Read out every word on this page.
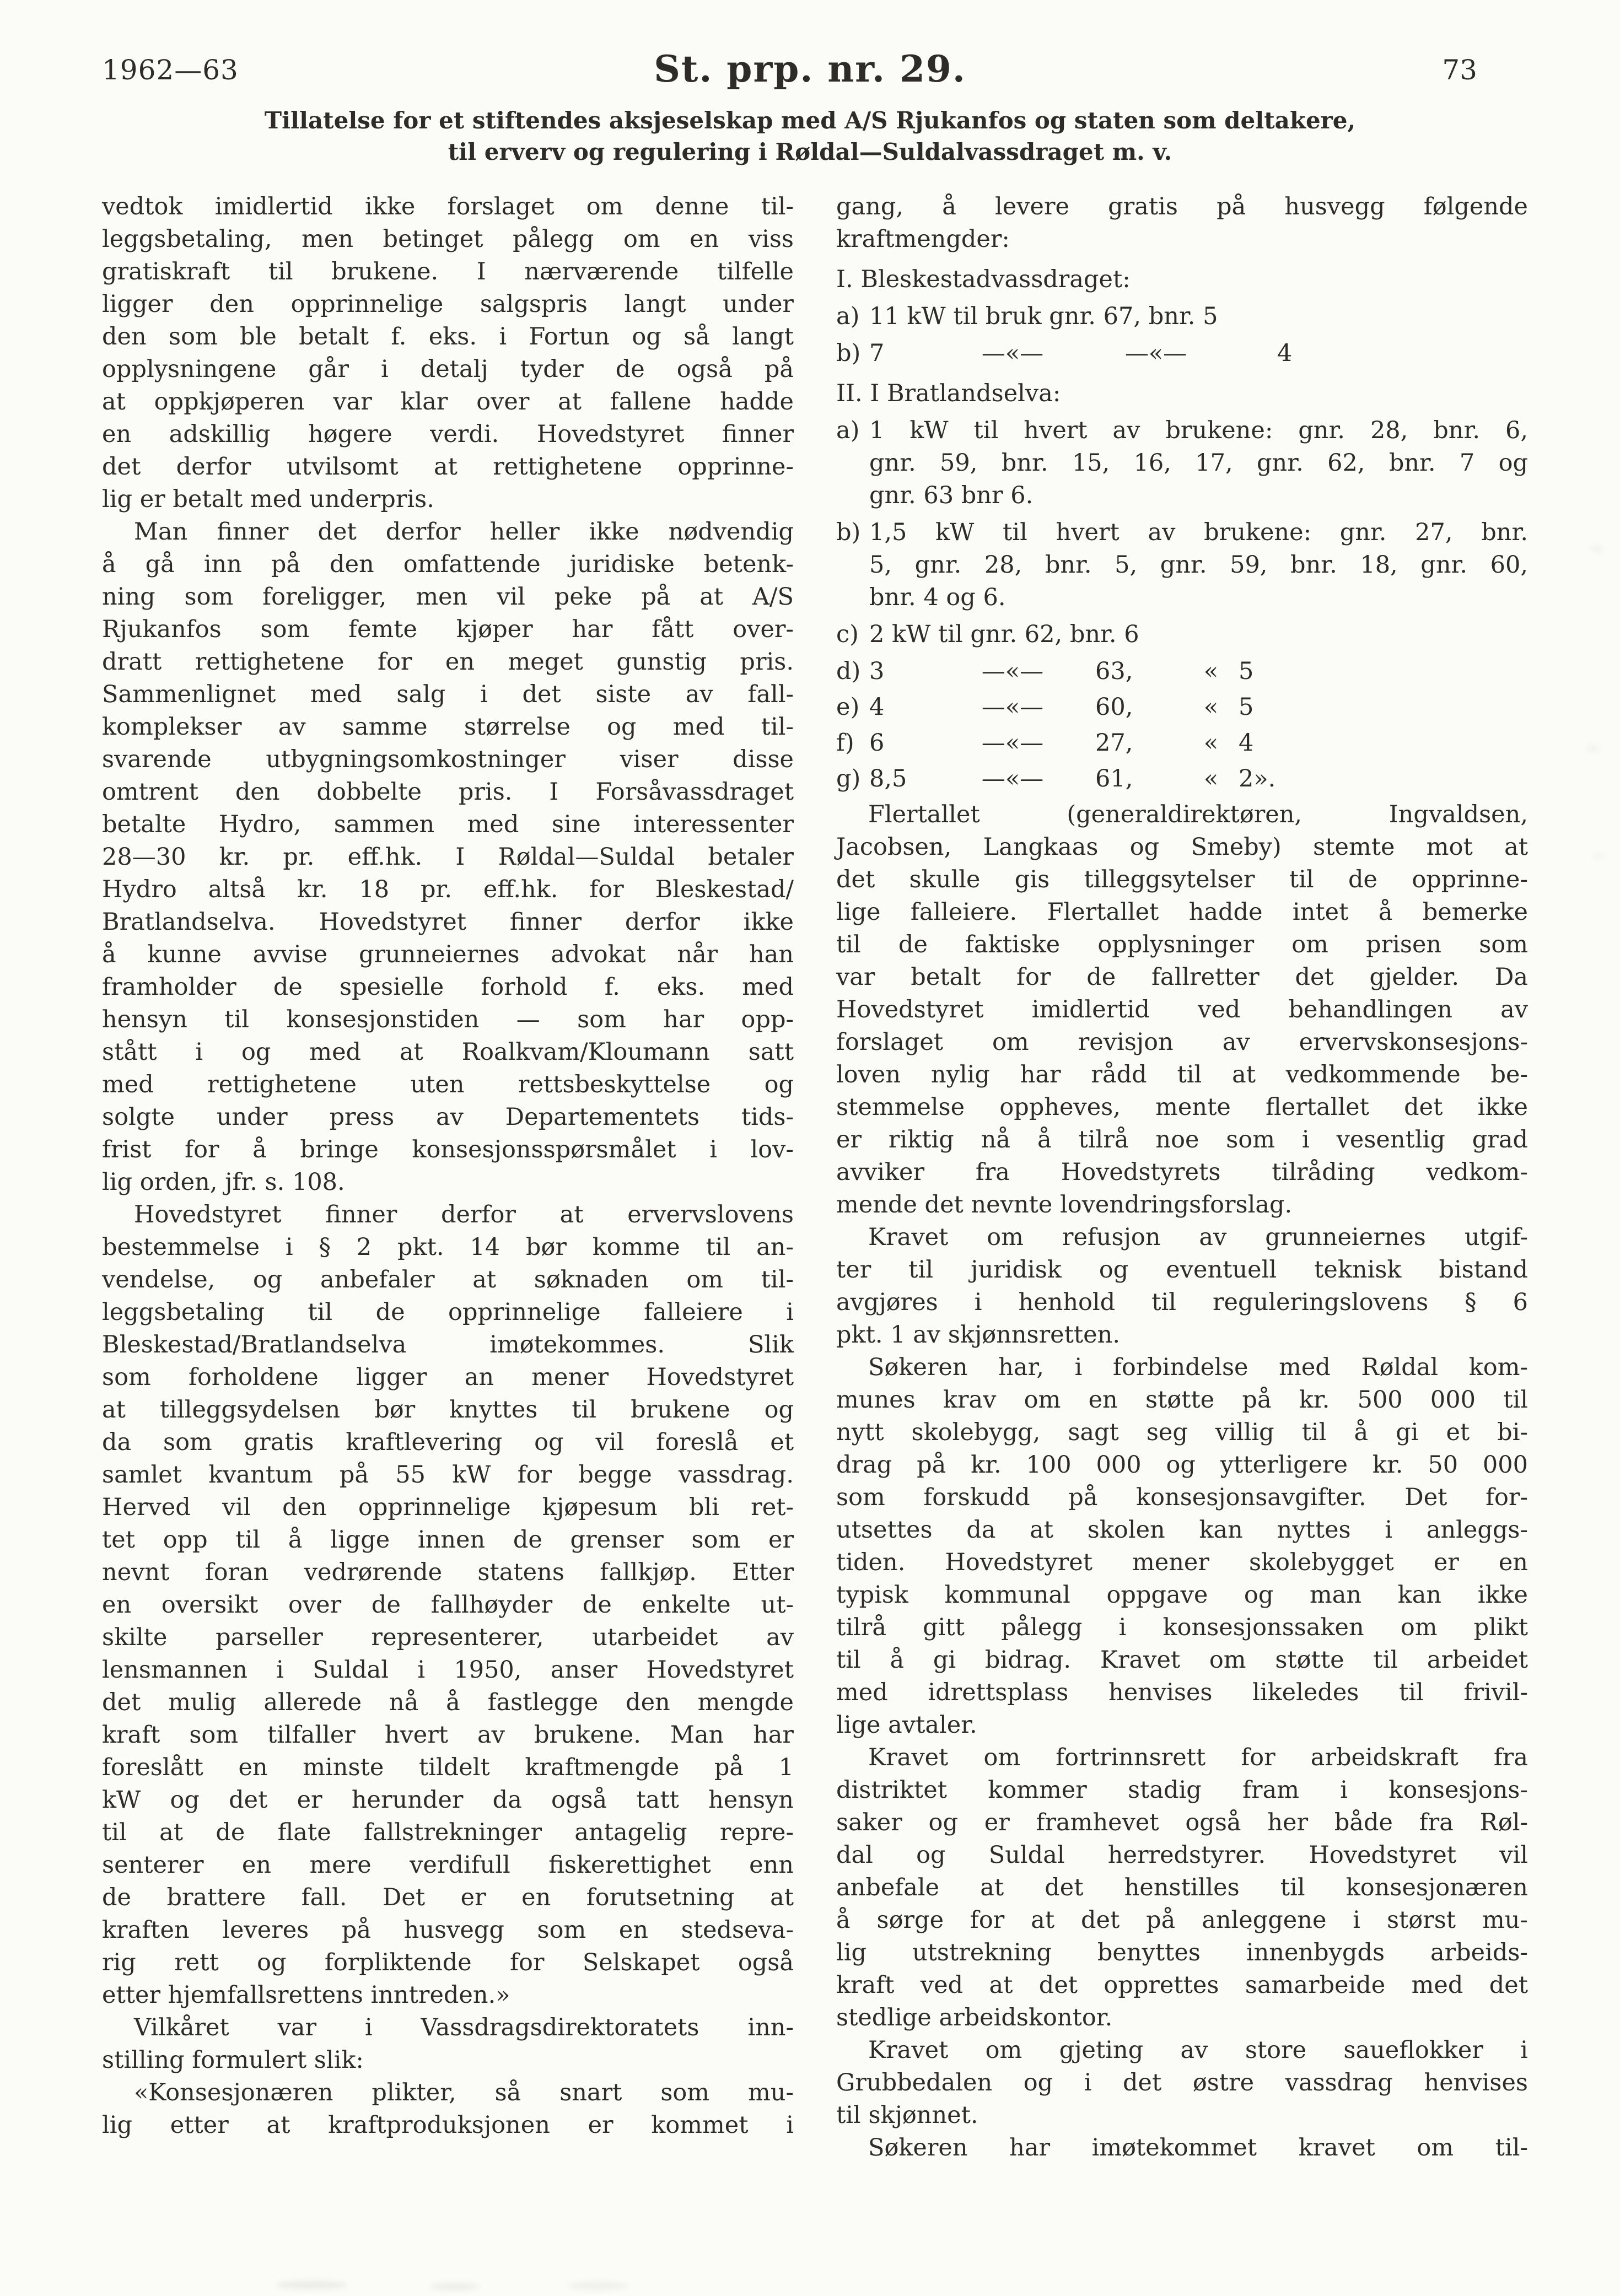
1962—63	73
St. prp. nr. 29.
Tillatelse for et stiftendes aksjeselskap med A/S Rjukanfos og staten som deltakere,
til erverv og regulering i Røldal—Suldalvassdraget m. v.
vedtok imidlertid ikke forslaget om denne til-
leggsbetaling, men betinget pålegg om en viss
gratiskraft til brukene. I nærværende tilfelle
ligger den opprinnelige salgspris langt under
den som ble betalt f. eks. i Fortun og så langt
opplysningene går i detalj tyder de også på
at oppkjøperen var klar over at fallene hadde
en adskillig høgere verdi. Hovedstyret finner
det derfor utvilsomt at rettighetene opprinne-
lig er betalt med underpris.
Man finner det derfor heller ikke nødvendig
å gå inn på den omfattende juridiske betenk-
ning som foreligger, men vil peke på at A/S
Rjukanfos som femte kjøper har fått over-
dratt rettighetene for en meget gunstig pris.
Sammenlignet med salg i det siste av fall-
komplekser av samme størrelse og med til-
svarende utbygningsomkostninger viser disse
omtrent den dobbelte pris. I Forsåvassdraget
betalte Hydro, sammen med sine interessenter
28—30 kr. pr. eff.hk. I Røldal—Suldal betaler
Hydro altså kr. 18 pr. eff.hk. for Bleskestad/
Bratlandselva. Hovedstyret finner derfor ikke
å kunne avvise grunneiernes advokat når han
framholder de spesielle forhold f. eks. med
hensyn til konsesjonstiden — som har opp-
stått i og med at Roalkvam/Kloumann satt
med rettighetene uten rettsbeskyttelse og
solgte under press av Departementets tids-
frist for å bringe konsesjonsspørsmålet i lov-
lig orden, jfr. s. 108.
Hovedstyret finner derfor at ervervslovens
bestemmelse i § 2 pkt. 14 bør komme til an-
vendelse, og anbefaler at søknaden om til-
leggsbetaling til de opprinnelige falleiere i
Bleskestad/Bratlandselva imøtekommes. Slik
som forholdene ligger an mener Hovedstyret
at tilleggsydelsen bør knyttes til brukene og
da som gratis kraftlevering og vil foreslå et
samlet kvantum på 55 kW for begge vassdrag.
Herved vil den opprinnelige kjøpesum bli ret-
tet opp til å ligge innen de grenser som er
nevnt foran vedrørende statens fallkjøp. Etter
en oversikt over de fallhøyder de enkelte ut-
skilte parseller representerer, utarbeidet av
lensmannen i Suldal i 1950, anser Hovedstyret
det mulig allerede nå å fastlegge den mengde
kraft som tilfaller hvert av brukene. Man har
foreslått en minste tildelt kraftmengde på 1
kW og det er herunder da også tatt hensyn
til at de flate fallstrekninger antagelig repre-
senterer en mere verdifull fiskerettighet enn
de brattere fall. Det er en forutsetning at
kraften leveres på husvegg som en stedseva-
rig rett og forpliktende for Selskapet også
etter hjemfallsrettens inntreden.»
Vilkåret var i Vassdragsdirektoratets inn-
stilling formulert slik:
«Konsesjonæren plikter, så snart som mu-
lig etter at kraftproduksjonen er kommet i
gang, å levere gratis på husvegg følgende
kraftmengder:
I. Bleskestadvassdraget:
a) 11 kW til bruk gnr. 67, bnr. 5
b) 7	—«—	—«—	4
II. I Bratlandselva:
a) 1 kW til hvert av brukene: gnr. 28, bnr. 6,
gnr. 59, bnr. 15, 16, 17, gnr. 62, bnr. 7 og
gnr. 63 bnr 6.
b) 1,5 kW til hvert av brukene: gnr. 27, bnr.
5, gnr. 28, bnr. 5, gnr. 59, bnr. 18, gnr. 60,
bnr. 4 og 6.
c) 2 kW til gnr. 62, bnr. 6
d) 3	—«—	63,	« 5
e) 4	—«—	60,	« 5
f) 6	—«—	27,	« 4
g) 8,5	—«—	61,	« 2».
Flertallet (generaldirektøren, Ingvaldsen,
Jacobsen, Langkaas og Smeby) stemte mot at
det skulle gis tilleggsytelser til de opprinne-
lige falleiere. Flertallet hadde intet å bemerke
til de faktiske opplysninger om prisen som
var betalt for de fallretter det gjelder. Da
Hovedstyret imidlertid ved behandlingen av
forslaget om revisjon av ervervskonsesjons-
loven nylig har rådd til at vedkommende be-
stemmelse oppheves, mente flertallet det ikke
er riktig nå å tilrå noe som i vesentlig grad
avviker fra Hovedstyrets tilråding vedkom-
mende det nevnte lovendringsforslag.
Kravet om refusjon av grunneiernes utgif-
ter til juridisk og eventuell teknisk bistand
avgjøres i henhold til reguleringslovens § 6
pkt. 1 av skjønnsretten.
Søkeren har, i forbindelse med Røldal kom-
munes krav om en støtte på kr. 500 000 til
nytt skolebygg, sagt seg villig til å gi et bi-
drag på kr. 100 000 og ytterligere kr. 50 000
som forskudd på konsesjonsavgifter. Det for-
utsettes da at skolen kan nyttes i anleggs-
tiden. Hovedstyret mener skolebygget er en
typisk kommunal oppgave og man kan ikke
tilrå gitt pålegg i konsesjonssaken om plikt
til å gi bidrag. Kravet om støtte til arbeidet
med idrettsplass henvises likeledes til frivil-
lige avtaler.
Kravet om fortrinnsrett for arbeidskraft fra
distriktet kommer stadig fram i konsesjons-
saker og er framhevet også her både fra Røl-
dal og Suldal herredstyrer. Hovedstyret vil
anbefale at det henstilles til konsesjonæren
å sørge for at det på anleggene i størst mu-
lig utstrekning benyttes innenbygds arbeids-
kraft ved at det opprettes samarbeide med det
stedlige arbeidskontor.
Kravet om gjeting av store saueflokker i
Grubbedalen og i det østre vassdrag henvises
til skjønnet.
Søkeren har imøtekommet kravet om til-
